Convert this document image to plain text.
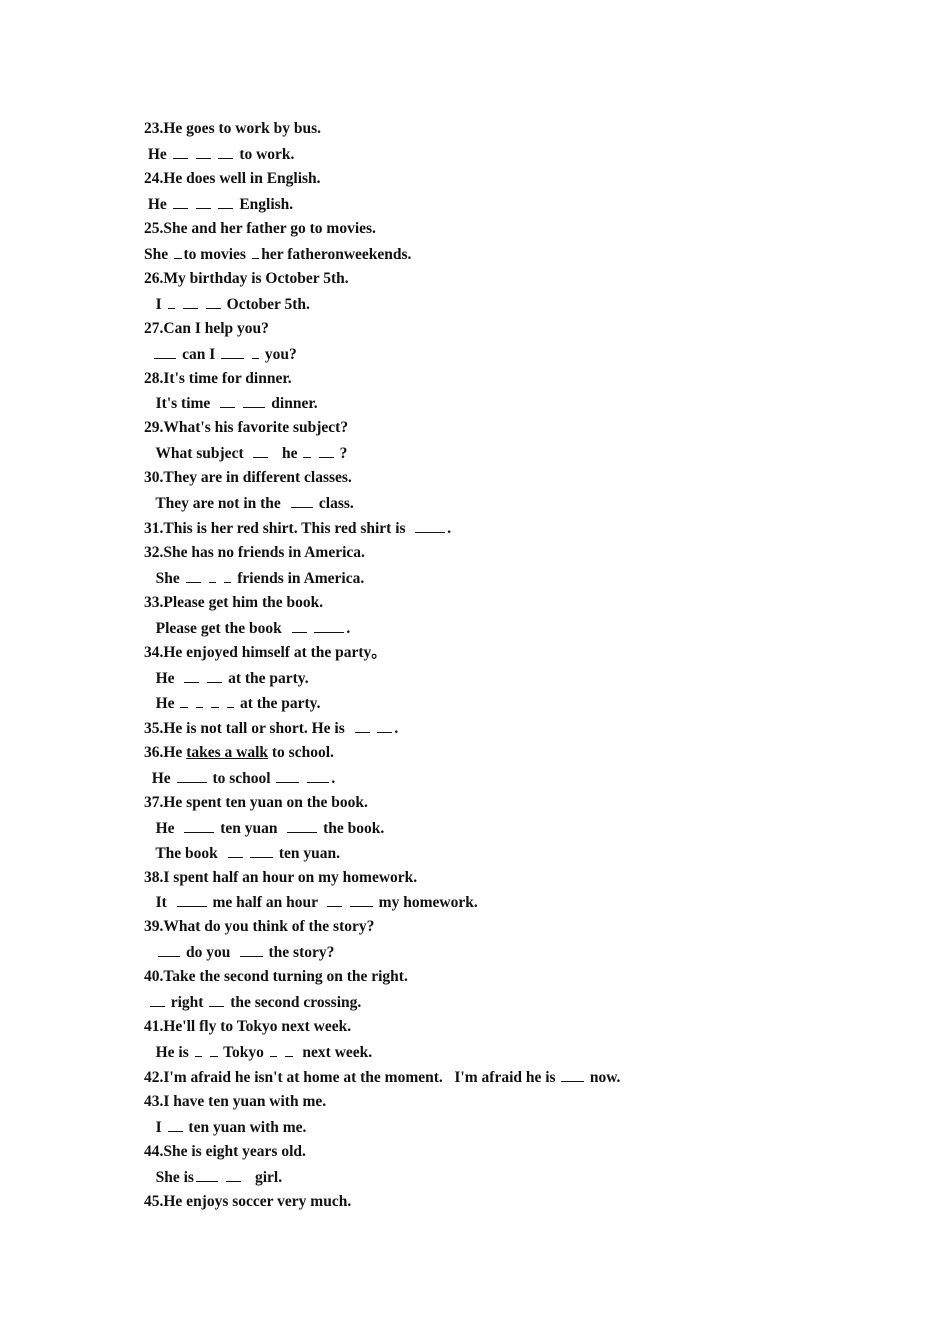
23.He goes to work by bus.
He	to work.
24.He does well in English.
He	English.
25.She and her father go to movies.
She to movies her fatheronweekends.
26.My birthday is October 5th.
I	October 5th.
27.Can I help you?
can I	you?
28.It's time for dinner.
It's time	dinner.
29.What's his favorite subject?
What subject     he   ?
30.They are in different classes.
They are not in the   class.
31.This is her red shirt. This red shirt is  .
32.She has no friends in America.
She	friends in America.
33.Please get him the book.
Please get the book	.
34.He enjoyed himself at the party。
He	at the party.
He	at the party.
35.He is not tall or short. He is	.
36.He takes a walk to school.
He  to school	.
37.He spent ten yuan on the book.
He   ten yuan   the book.
The book	ten yuan.
38.I spent half an hour on my homework.
It   me half an hour	my homework.
39.What do you think of the story?
do you   the story?
40.Take the second turning on the right.
right  the second crossing.
41.He'll fly to Tokyo next week.
He is   Tokyo    next week.
42.I'm afraid he isn't at home at the moment.   I'm afraid he is  now.
43.I have ten yuan with me.
I  ten yuan with me.
44.She is eight years old.
She is	girl.
45.He enjoys soccer very much.
